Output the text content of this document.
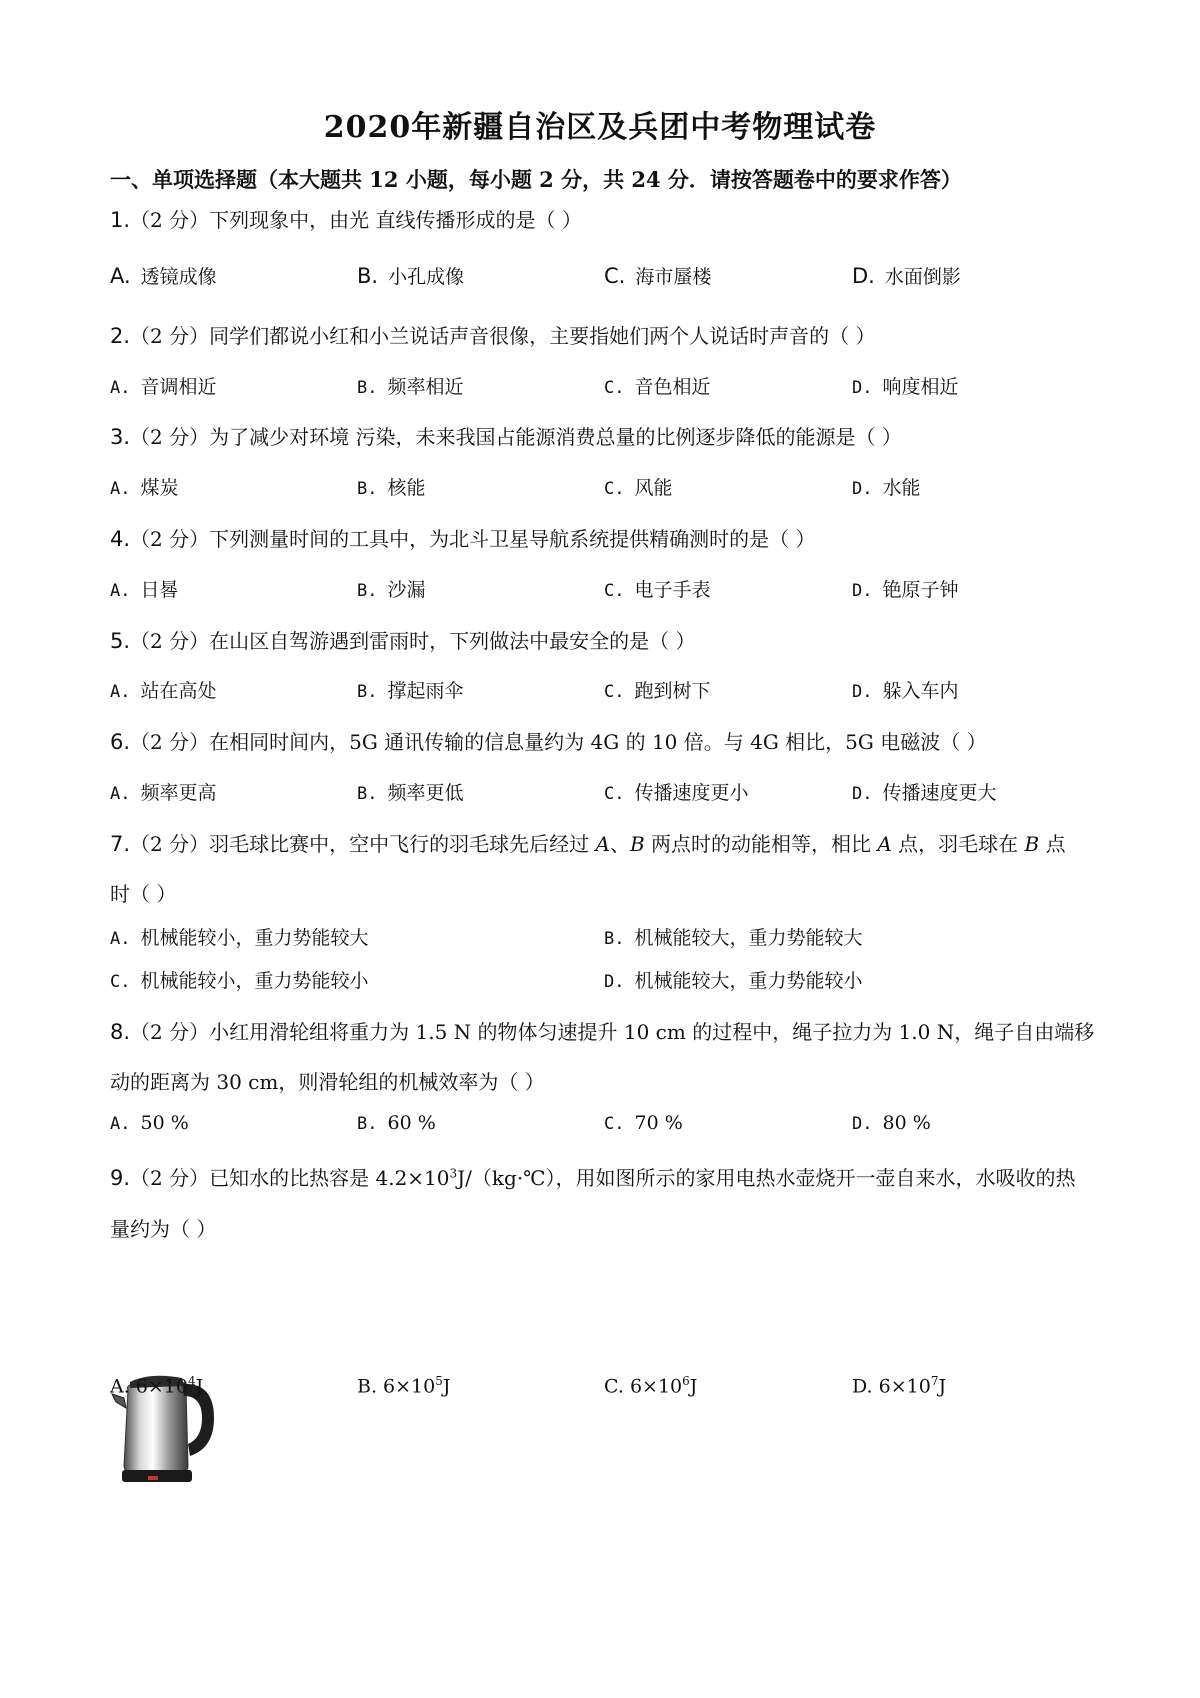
2020年新疆自治区及兵团中考物理试卷
一、单项选择题（本大题共 12 小题，每小题 2 分，共 24 分．请按答题卷中的要求作答）
1.（2 分）下列现象中，由光 直线传播形成的是（ ）
A. 透镜成像	B. 小孔成像	C. 海市蜃楼	D. 水面倒影
2.（2 分）同学们都说小红和小兰说话声音很像，主要指她们两个人说话时声音的（ ）
A. 音调相近	B. 频率相近	C. 音色相近	D. 响度相近
3.（2 分）为了减少对环境 污染，未来我国占能源消费总量的比例逐步降低的能源是（ ）
A. 煤炭	B. 核能	C. 风能	D. 水能
4.（2 分）下列测量时间的工具中，为北斗卫星导航系统提供精确测时的是（ ）
A. 日晷	B. 沙漏	C. 电子手表	D. 铯原子钟
5.（2 分）在山区自驾游遇到雷雨时，下列做法中最安全的是（ ）
A. 站在高处	B. 撑起雨伞	C. 跑到树下	D. 躲入车内
6.（2 分）在相同时间内，5G 通讯传输的信息量约为 4G 的 10 倍。与 4G 相比，5G 电磁波（ ）
A. 频率更高	B. 频率更低	C. 传播速度更小	D. 传播速度更大
7.（2 分）羽毛球比赛中，空中飞行的羽毛球先后经过 A、B 两点时的动能相等，相比 A 点，羽毛球在 B 点
时（ ）
A. 机械能较小，重力势能较大	B. 机械能较大，重力势能较大
C. 机械能较小，重力势能较小	D. 机械能较大，重力势能较小
8.（2 分）小红用滑轮组将重力为 1.5 N 的物体匀速提升 10 cm 的过程中，绳子拉力为 1.0 N，绳子自由端移
动的距离为 30 cm，则滑轮组的机械效率为（ ）
A. 50 %	B. 60 %	C. 70 %	D. 80 %
9.（2 分）已知水的比热容是 $4.2\times 10^3J/(kg\cdot℃)$，用如图所示的家用电热水壶烧开一壶自来水，水吸收的热
量约为（ ）
A. $6\times 10^4J$	B. $6\times 10^5J$	C. $6\times 10^6J$	D. $6\times 10^7J$
